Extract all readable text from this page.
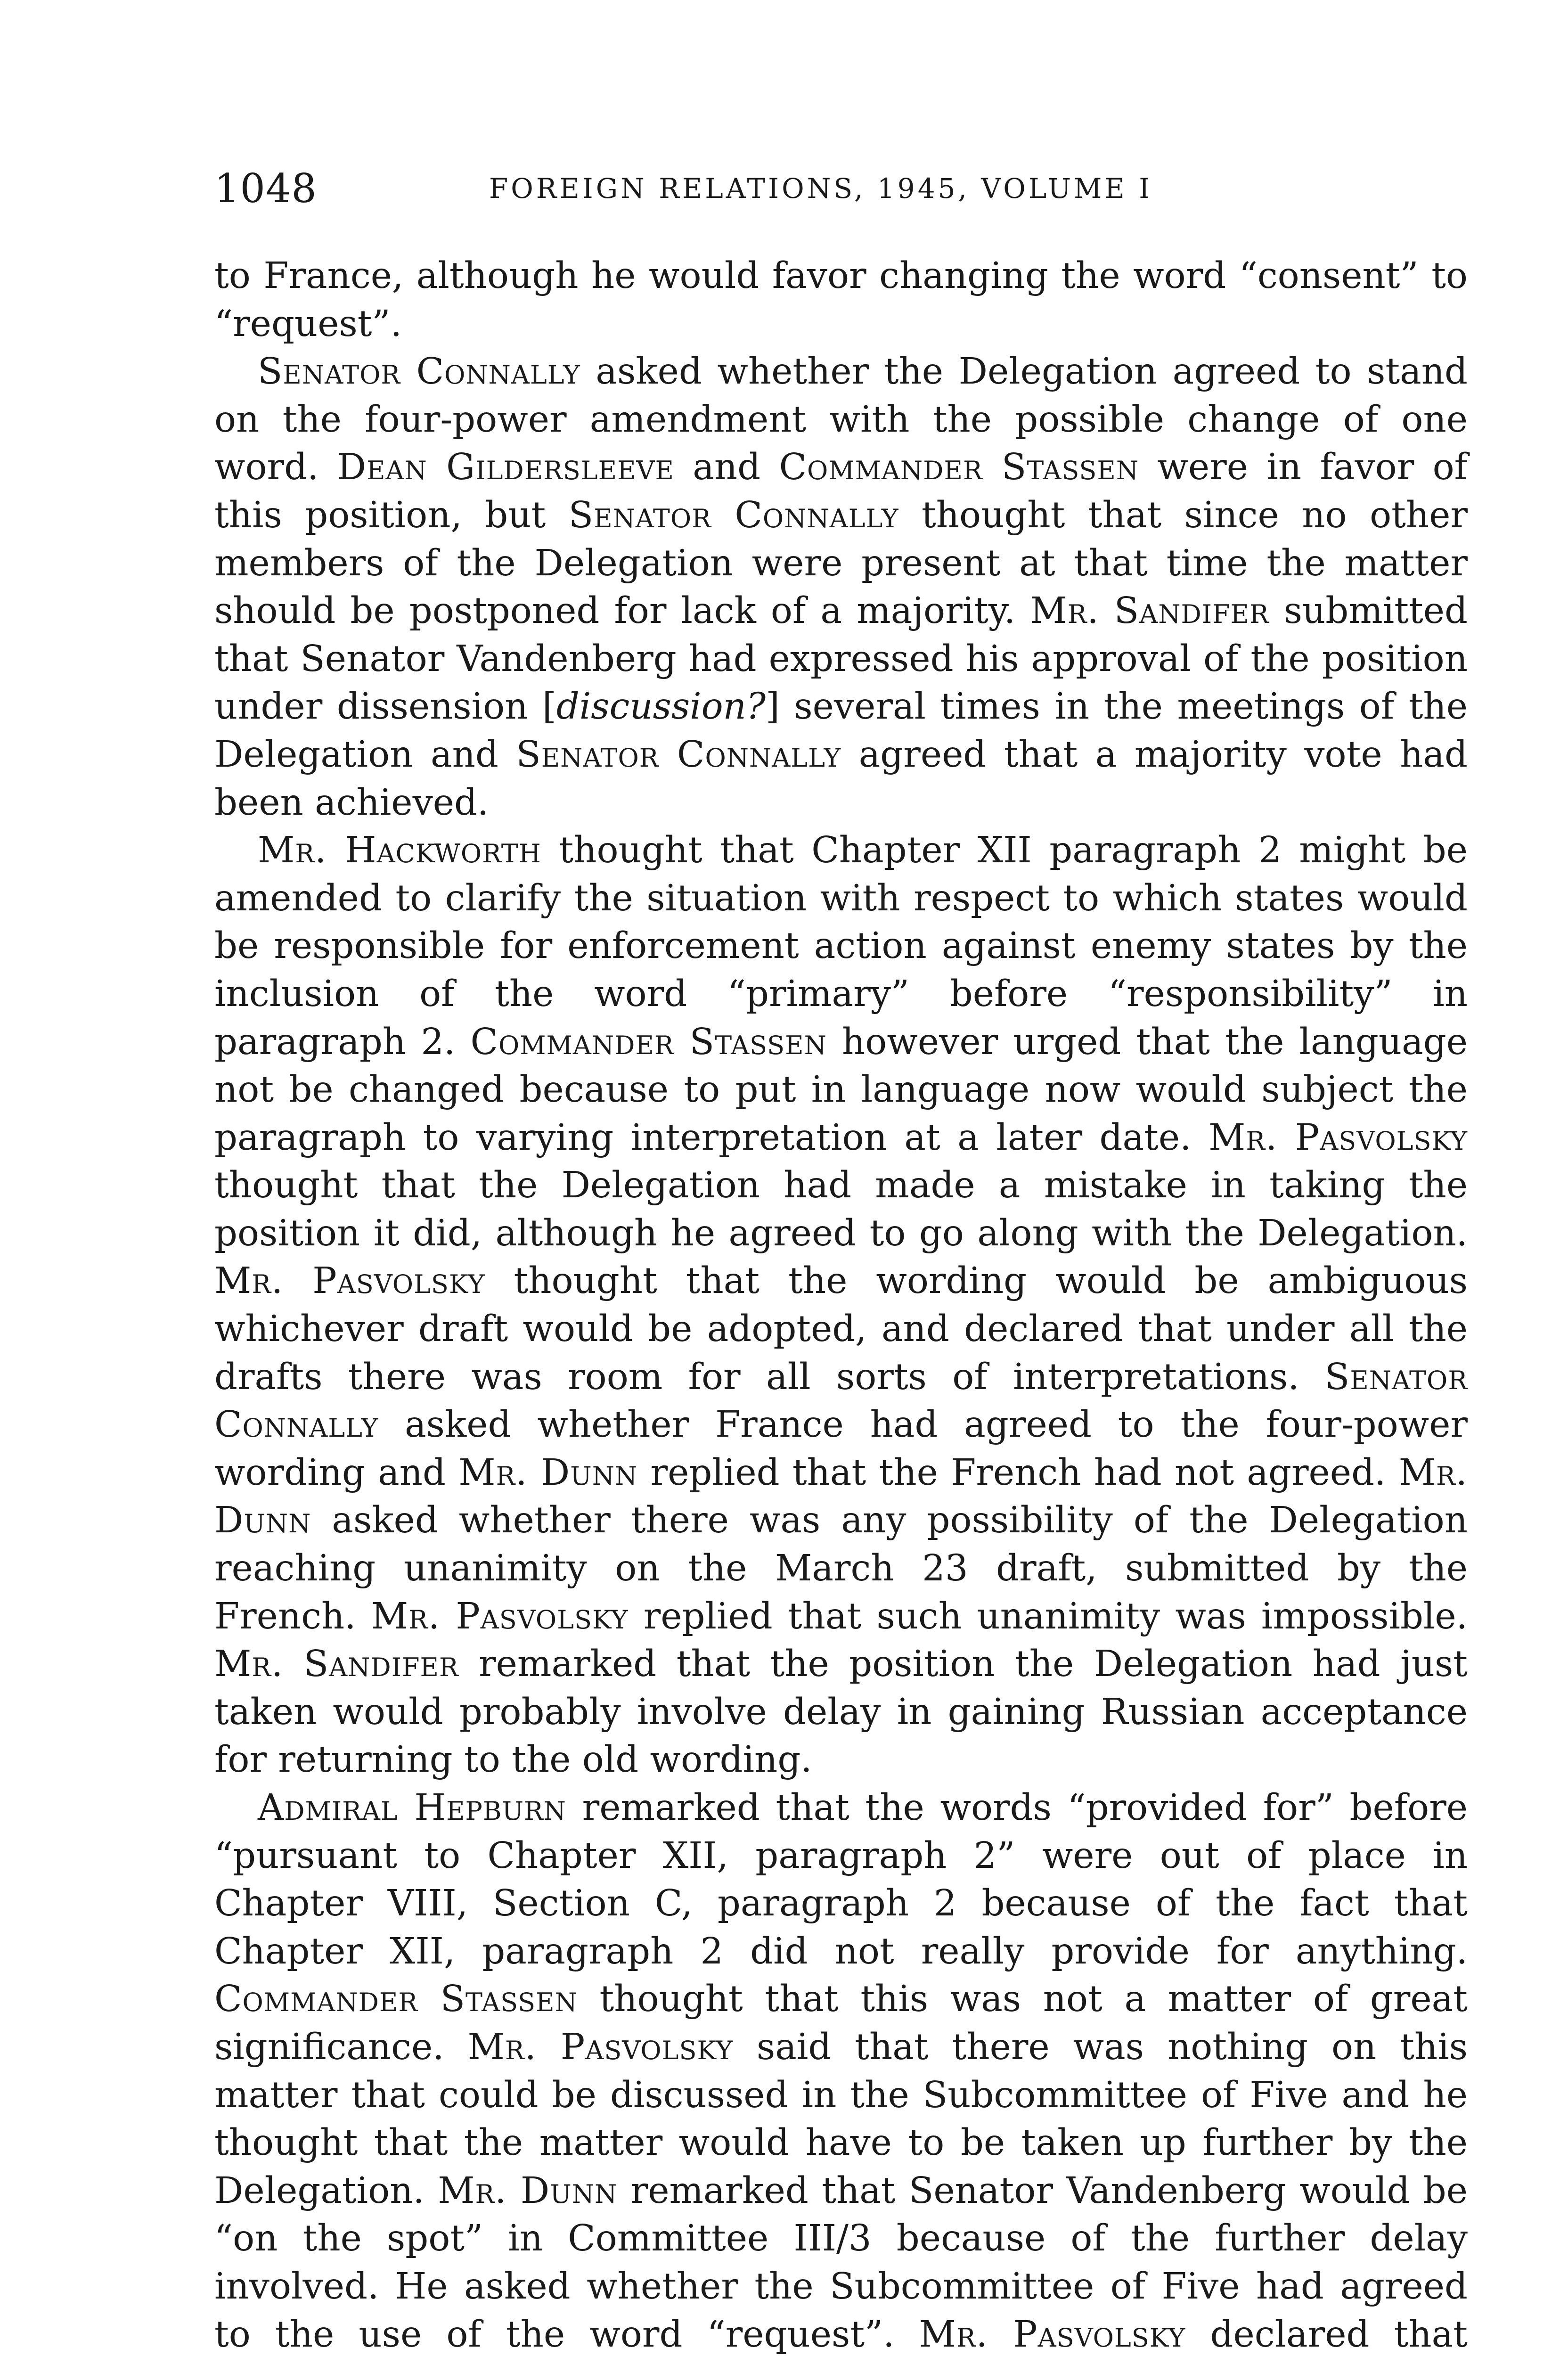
1048	FOREIGN RELATIONS, 1945, VOLUME I

to France, although he would favor changing the word “consent” to “request”.

Senator Connally asked whether the Delegation agreed to stand on the four-power amendment with the possible change of one word. Dean Gildersleeve and Commander Stassen were in favor of this position, but Senator Connally thought that since no other members of the Delegation were present at that time the matter should be postponed for lack of a majority. Mr. Sandifer submitted that Senator Vandenberg had expressed his approval of the position under dissension [discussion?] several times in the meetings of the Delegation and Senator Connally agreed that a majority vote had been achieved.

Mr. Hackworth thought that Chapter XII paragraph 2 might be amended to clarify the situation with respect to which states would be responsible for enforcement action against enemy states by the inclusion of the word “primary” before “responsibility” in paragraph 2. Commander Stassen however urged that the language not be changed because to put in language now would subject the paragraph to varying interpretation at a later date. Mr. Pasvolsky thought that the Delegation had made a mistake in taking the position it did, although he agreed to go along with the Delegation. Mr. Pasvolsky thought that the wording would be ambiguous whichever draft would be adopted, and declared that under all the drafts there was room for all sorts of interpretations. Senator Connally asked whether France had agreed to the four-power wording and Mr. Dunn replied that the French had not agreed. Mr. Dunn asked whether there was any possibility of the Delegation reaching unanimity on the March 23 draft, submitted by the French. Mr. Pasvolsky replied that such unanimity was impossible. Mr. Sandifer remarked that the position the Delegation had just taken would probably involve delay in gaining Russian acceptance for returning to the old wording.

Admiral Hepburn remarked that the words “provided for” before “pursuant to Chapter XII, paragraph 2” were out of place in Chapter VIII, Section C, paragraph 2 because of the fact that Chapter XII, paragraph 2 did not really provide for anything. Commander Stassen thought that this was not a matter of great significance. Mr. Pasvolsky said that there was nothing on this matter that could be discussed in the Subcommittee of Five and he thought that the matter would have to be taken up further by the Delegation. Mr. Dunn remarked that Senator Vandenberg would be “on the spot” in Committee III/3 because of the further delay involved. He asked whether the Subcommittee of Five had agreed to the use of the word “request”. Mr. Pasvolsky declared that
